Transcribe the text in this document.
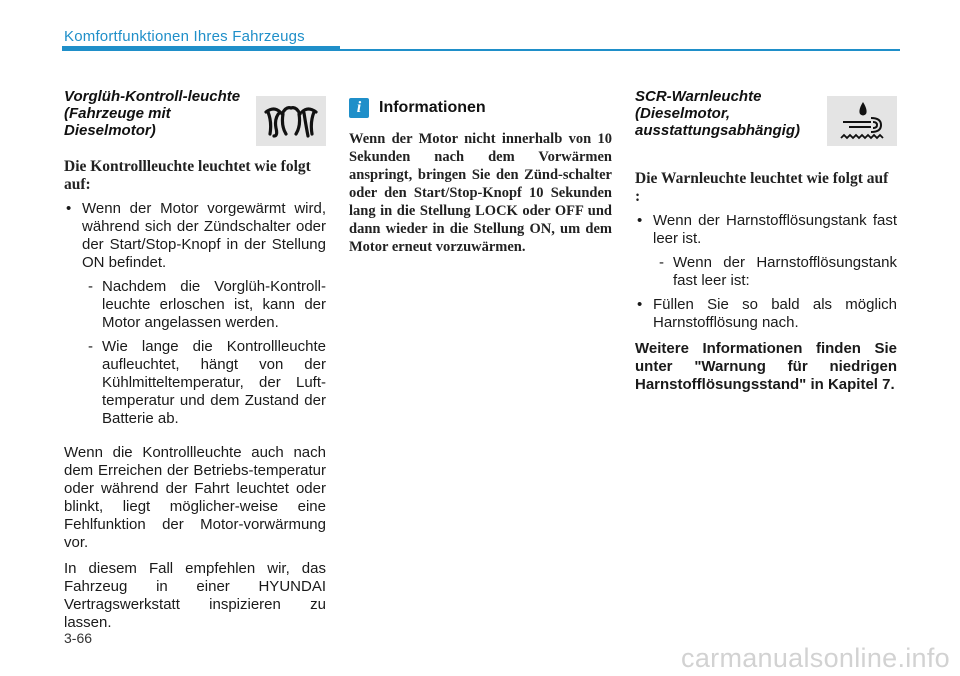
Komfortfunktionen Ihres Fahrzeugs
Vorglüh-Kontroll-leuchte (Fahrzeuge mit Dieselmotor)
Die Kontrollleuchte leuchtet wie folgt auf:
• Wenn der Motor vorgewärmt wird, während sich der Zündschalter oder der Start/Stop-Knopf in der Stellung ON befindet.
- Nachdem die Vorglüh-Kontroll-leuchte erloschen ist, kann der Motor angelassen werden.
- Wie lange die Kontrollleuchte aufleuchtet, hängt von der Kühlmitteltemperatur, der Luft-temperatur und dem Zustand der Batterie ab.

Wenn die Kontrollleuchte auch nach dem Erreichen der Betriebs-temperatur oder während der Fahrt leuchtet oder blinkt, liegt möglicher-weise eine Fehlfunktion der Motor-vorwärmung vor.

In diesem Fall empfehlen wir, das Fahrzeug in einer HYUNDAI Vertragswerkstatt inspizieren zu lassen.

i	Informationen
Wenn der Motor nicht innerhalb von 10 Sekunden nach dem Vorwärmen anspringt, bringen Sie den Zünd-schalter oder den Start/Stop-Knopf 10 Sekunden lang in die Stellung LOCK oder OFF und dann wieder in die Stellung ON, um dem Motor erneut vorzuwärmen.
SCR-Warnleuchte (Dieselmotor, ausstattungsabhängig)
Die Warnleuchte leuchtet wie folgt auf :
• Wenn der Harnstofflösungstank fast leer ist.
- Wenn der Harnstofflösungstank fast leer ist:
• Füllen Sie so bald als möglich Harnstofflösung nach.
Weitere Informationen finden Sie unter "Warnung für niedrigen Harnstofflösungsstand" in Kapitel 7.
3-66
carmanualsonline.info
